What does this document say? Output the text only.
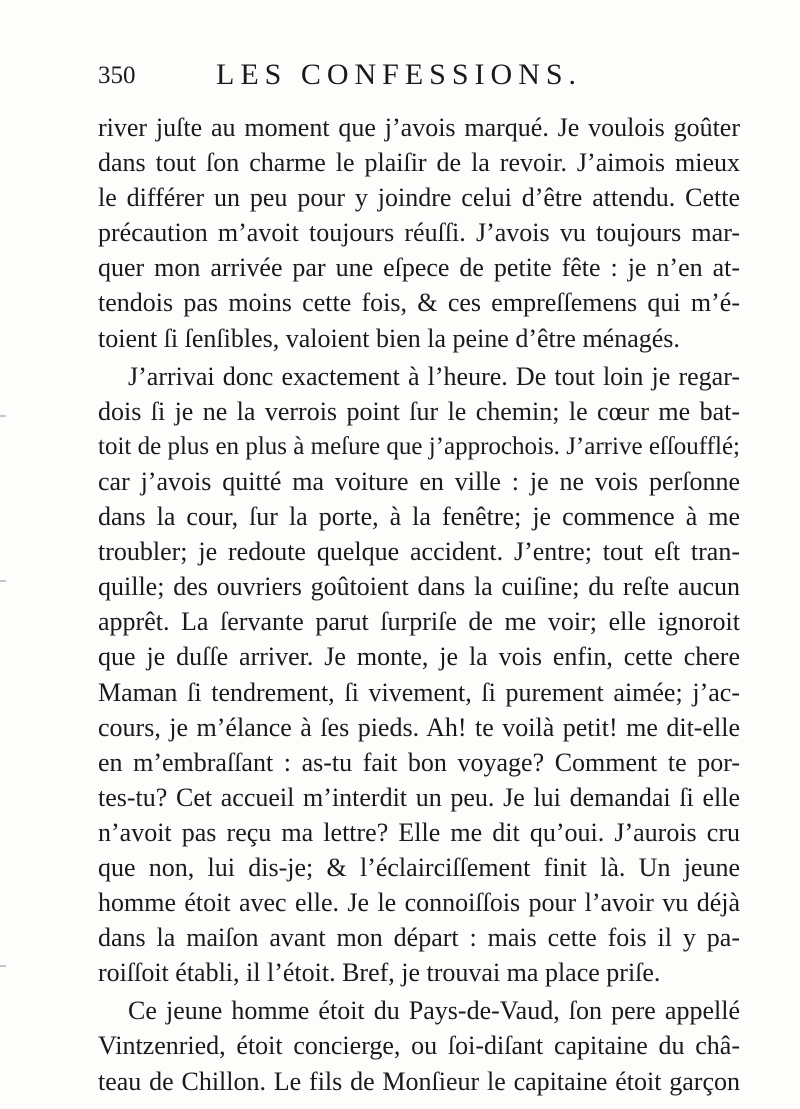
350	LES CONFESSIONS.
river juſte au moment que j’avois marqué. Je voulois goûter
dans tout ſon charme le plaiſir de la revoir. J’aimois mieux
le différer un peu pour y joindre celui d’être attendu. Cette
précaution m’avoit toujours réuſſi. J’avois vu toujours mar-
quer mon arrivée par une eſpece de petite fête : je n’en at-
tendois pas moins cette fois, & ces empreſſemens qui m’é-
toient ſi ſenſibles, valoient bien la peine d’être ménagés.
J’arrivai donc exactement à l’heure. De tout loin je regar-
dois ſi je ne la verrois point ſur le chemin; le cœur me bat-
toit de plus en plus à meſure que j’approchois. J’arrive eſſoufflé;
car j’avois quitté ma voiture en ville : je ne vois perſonne
dans la cour, ſur la porte, à la fenêtre; je commence à me
troubler; je redoute quelque accident. J’entre; tout eſt tran-
quille; des ouvriers goûtoient dans la cuiſine; du reſte aucun
apprêt. La ſervante parut ſurpriſe de me voir; elle ignoroit
que je duſſe arriver. Je monte, je la vois enfin, cette chere
Maman ſi tendrement, ſi vivement, ſi purement aimée; j’ac-
cours, je m’élance à ſes pieds. Ah! te voilà petit! me dit-elle
en m’embraſſant : as-tu fait bon voyage? Comment te por-
tes-tu? Cet accueil m’interdit un peu. Je lui demandai ſi elle
n’avoit pas reçu ma lettre? Elle me dit qu’oui. J’aurois cru
que non, lui dis-je; & l’éclairciſſement finit là. Un jeune
homme étoit avec elle. Je le connoiſſois pour l’avoir vu déjà
dans la maiſon avant mon départ : mais cette fois il y pa-
roiſſoit établi, il l’étoit. Bref, je trouvai ma place priſe.
Ce jeune homme étoit du Pays-de-Vaud, ſon pere appellé
Vintzenried, étoit concierge, ou ſoi-diſant capitaine du châ-
teau de Chillon. Le fils de Monſieur le capitaine étoit garçon
